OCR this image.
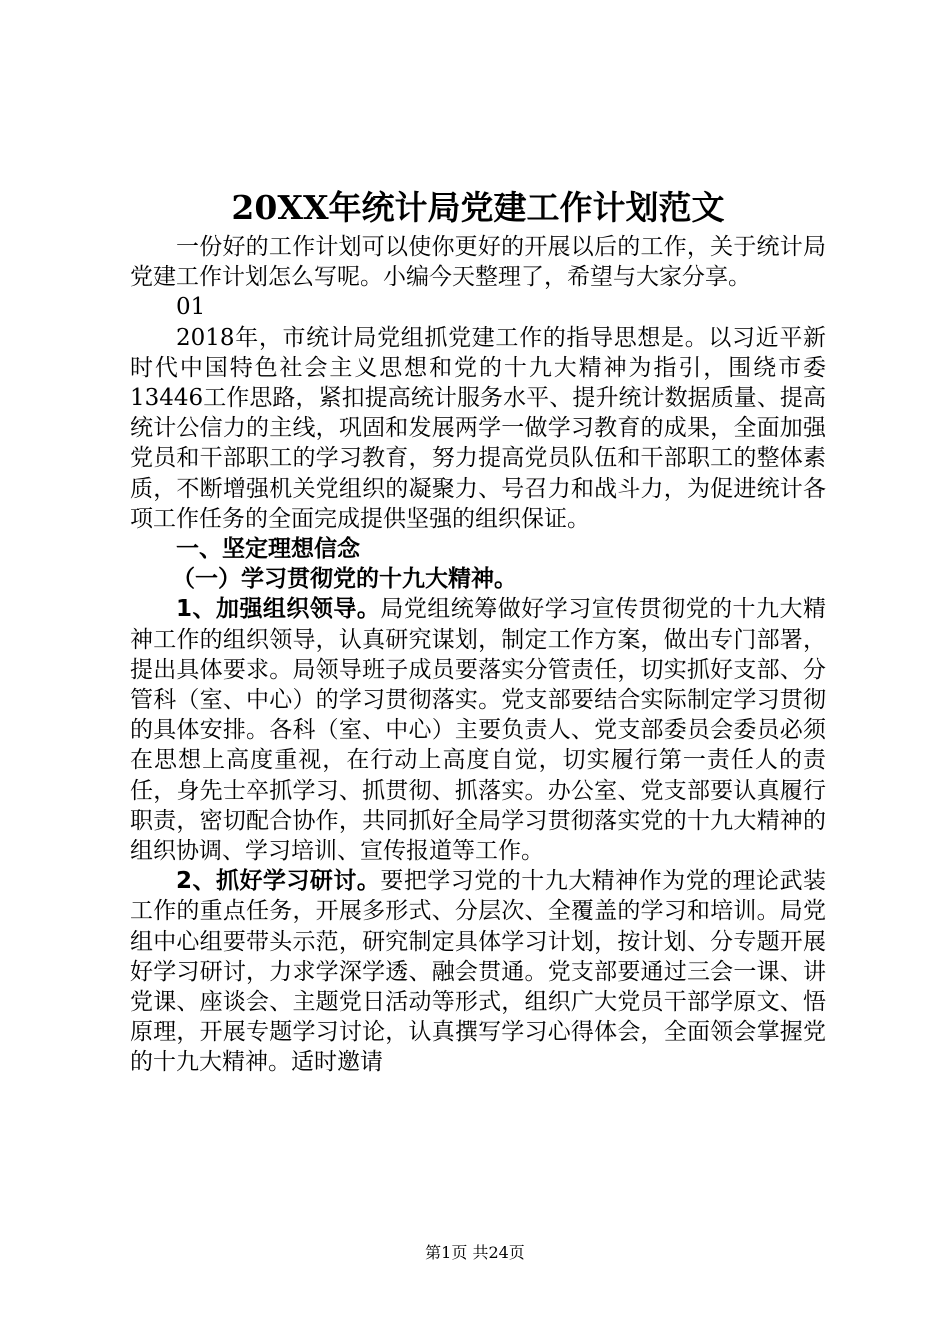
20XX年统计局党建工作计划范文

一份好的工作计划可以使你更好的开展以后的工作，关于统计局党建工作计划怎么写呢。小编今天整理了，希望与大家分享。

01

2018年，市统计局党组抓党建工作的指导思想是。以习近平新时代中国特色社会主义思想和党的十九大精神为指引，围绕市委13446工作思路，紧扣提高统计服务水平、提升统计数据质量、提高统计公信力的主线，巩固和发展两学一做学习教育的成果，全面加强党员和干部职工的学习教育，努力提高党员队伍和干部职工的整体素质，不断增强机关党组织的凝聚力、号召力和战斗力，为促进统计各项工作任务的全面完成提供坚强的组织保证。

一、坚定理想信念

（一）学习贯彻党的十九大精神。

1、加强组织领导。局党组统筹做好学习宣传贯彻党的十九大精神工作的组织领导，认真研究谋划，制定工作方案，做出专门部署，提出具体要求。局领导班子成员要落实分管责任，切实抓好支部、分管科（室、中心）的学习贯彻落实。党支部要结合实际制定学习贯彻的具体安排。各科（室、中心）主要负责人、党支部委员会委员必须在思想上高度重视，在行动上高度自觉，切实履行第一责任人的责任，身先士卒抓学习、抓贯彻、抓落实。办公室、党支部要认真履行职责，密切配合协作，共同抓好全局学习贯彻落实党的十九大精神的组织协调、学习培训、宣传报道等工作。

2、抓好学习研讨。要把学习党的十九大精神作为党的理论武装工作的重点任务，开展多形式、分层次、全覆盖的学习和培训。局党组中心组要带头示范，研究制定具体学习计划，按计划、分专题开展好学习研讨，力求学深学透、融会贯通。党支部要通过三会一课、讲党课、座谈会、主题党日活动等形式，组织广大党员干部学原文、悟原理，开展专题学习讨论，认真撰写学习心得体会，全面领会掌握党的十九大精神。适时邀请

第1页 共24页
